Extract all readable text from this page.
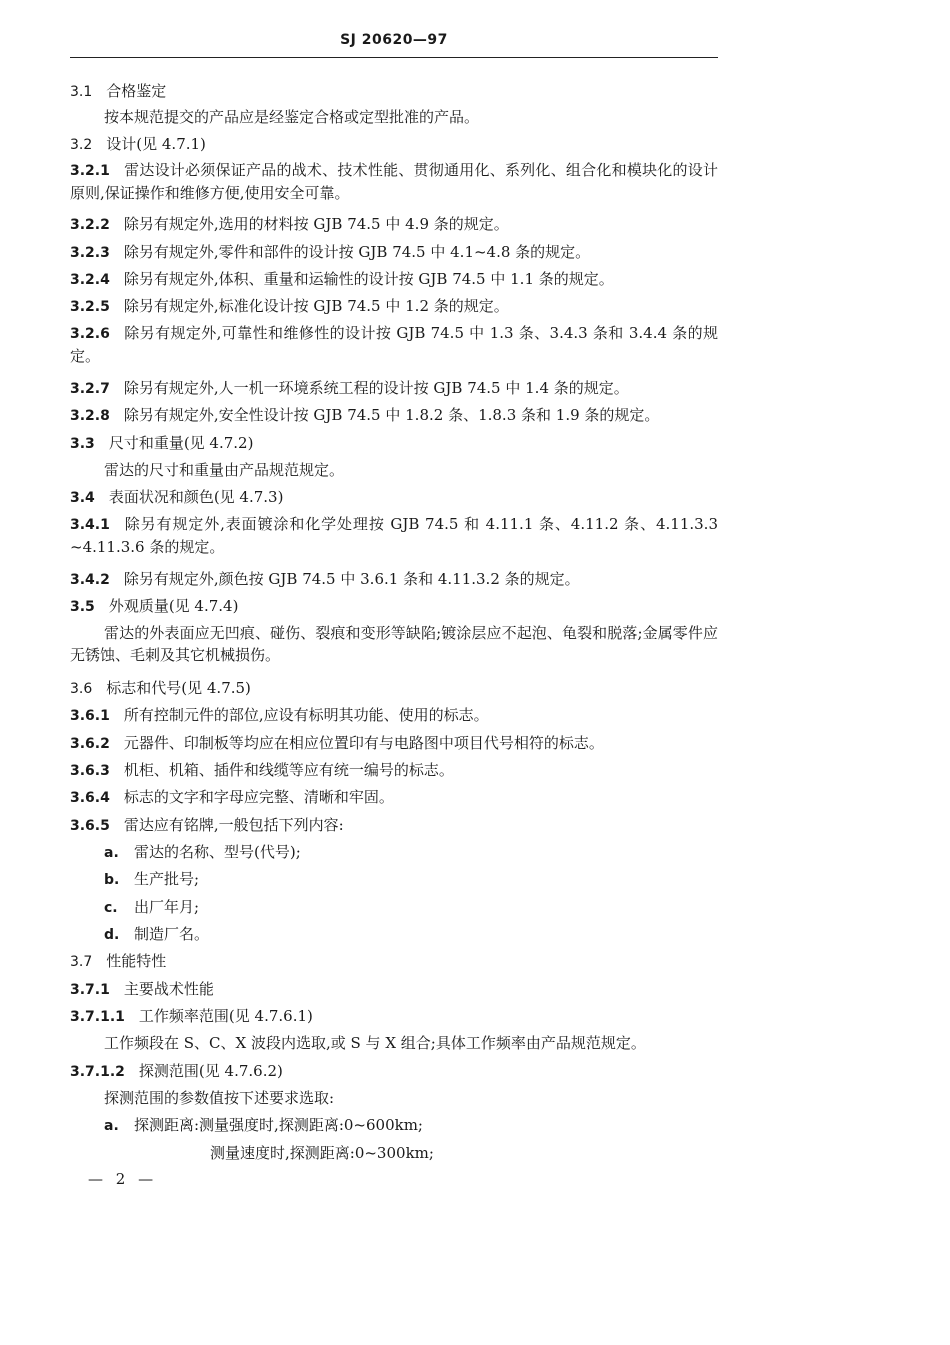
SJ 20620—97
3.1 合格鉴定
按本规范提交的产品应是经鉴定合格或定型批准的产品。
3.2 设计(见 4.7.1)
3.2.1 雷达设计必须保证产品的战术、技术性能、贯彻通用化、系列化、组合化和模块化的设计原则,保证操作和维修方便,使用安全可靠。
3.2.2 除另有规定外,选用的材料按 GJB 74.5 中 4.9 条的规定。
3.2.3 除另有规定外,零件和部件的设计按 GJB 74.5 中 4.1~4.8 条的规定。
3.2.4 除另有规定外,体积、重量和运输性的设计按 GJB 74.5 中 1.1 条的规定。
3.2.5 除另有规定外,标准化设计按 GJB 74.5 中 1.2 条的规定。
3.2.6 除另有规定外,可靠性和维修性的设计按 GJB 74.5 中 1.3 条、3.4.3 条和 3.4.4 条的规定。
3.2.7 除另有规定外,人一机一环境系统工程的设计按 GJB 74.5 中 1.4 条的规定。
3.2.8 除另有规定外,安全性设计按 GJB 74.5 中 1.8.2 条、1.8.3 条和 1.9 条的规定。
3.3 尺寸和重量(见 4.7.2)
雷达的尺寸和重量由产品规范规定。
3.4 表面状况和颜色(见 4.7.3)
3.4.1 除另有规定外,表面镀涂和化学处理按 GJB 74.5 和 4.11.1 条、4.11.2 条、4.11.3.3 ~4.11.3.6 条的规定。
3.4.2 除另有规定外,颜色按 GJB 74.5 中 3.6.1 条和 4.11.3.2 条的规定。
3.5 外观质量(见 4.7.4)
雷达的外表面应无凹痕、碰伤、裂痕和变形等缺陷;镀涂层应不起泡、龟裂和脱落;金属零件应无锈蚀、毛刺及其它机械损伤。
3.6 标志和代号(见 4.7.5)
3.6.1 所有控制元件的部位,应设有标明其功能、使用的标志。
3.6.2 元器件、印制板等均应在相应位置印有与电路图中项目代号相符的标志。
3.6.3 机柜、机箱、插件和线缆等应有统一编号的标志。
3.6.4 标志的文字和字母应完整、清晰和牢固。
3.6.5 雷达应有铭牌,一般包括下列内容:
a. 雷达的名称、型号(代号);
b. 生产批号;
c. 出厂年月;
d. 制造厂名。
3.7 性能特性
3.7.1 主要战术性能
3.7.1.1 工作频率范围(见 4.7.6.1)
工作频段在 S、C、X 波段内选取,或 S 与 X 组合;具体工作频率由产品规范规定。
3.7.1.2 探测范围(见 4.7.6.2)
探测范围的参数值按下述要求选取:
a. 探测距离:测量强度时,探测距离:0~600km;
测量速度时,探测距离:0~300km;
— 2 —
